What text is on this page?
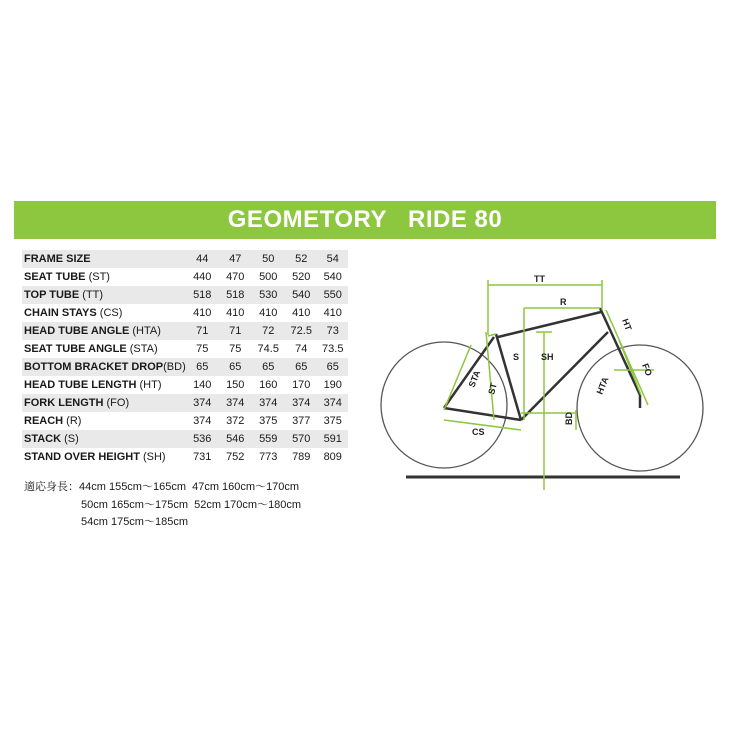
GEOMETORY   RIDE 80
FRAME SIZE	44	47	50	52	54
SEAT TUBE (ST)	440	470	500	520	540
TOP TUBE (TT)	518	518	530	540	550
CHAIN STAYS (CS)	410	410	410	410	410
HEAD TUBE ANGLE (HTA)	71	71	72	72.5	73
SEAT TUBE ANGLE (STA)	75	75	74.5	74	73.5
BOTTOM BRACKET DROP(BD)	65	65	65	65	65
HEAD TUBE LENGTH (HT)	140	150	160	170	190
FORK LENGTH (FO)	374	374	374	374	374
REACH (R)	374	372	375	377	375
STACK (S)	536	546	559	570	591
STAND OVER HEIGHT (SH)	731	752	773	789	809
適応身長：44cm 155cm〜165cm  47cm 160cm〜170cm
50cm 165cm〜175cm  52cm 170cm〜180cm
54cm 175cm〜185cm
TT
R
HT
S SH
STA ST	HTA
FO
CS
BD
